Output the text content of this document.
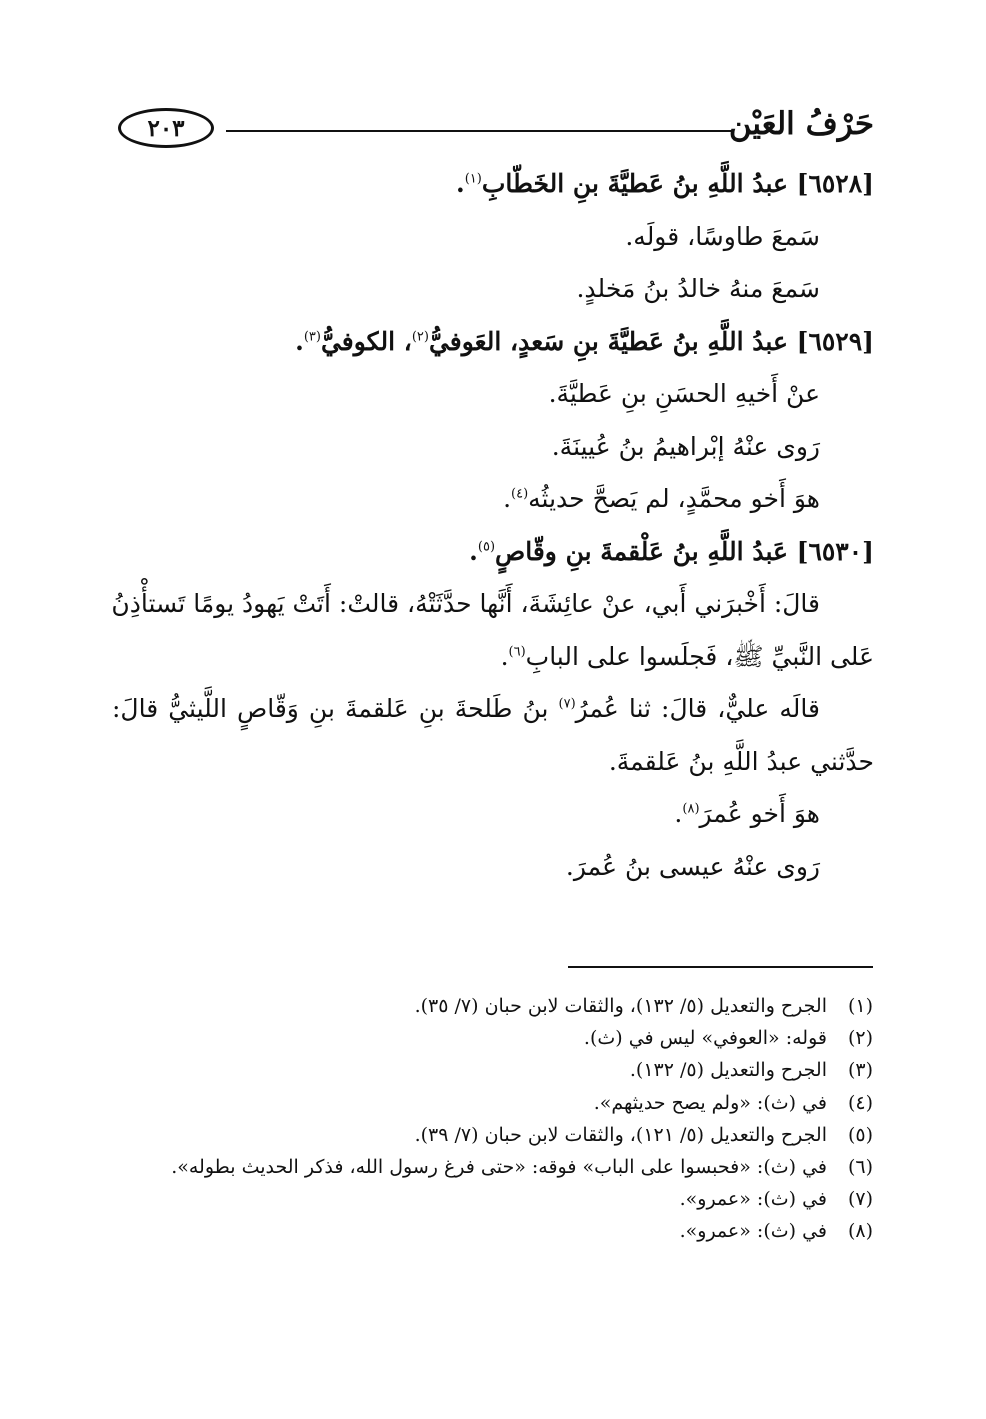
حَرْفُ العَيْن
٢٠٣

[٦٥٢٨] عبدُ اللَّهِ بنُ عَطيَّةَ بنِ الخَطّابِ$^{(١)}$.

سَمعَ طاوسًا، قولَه.

سَمعَ منهُ خالدُ بنُ مَخلدٍ.

[٦٥٢٩] عبدُ اللَّهِ بنُ عَطيَّةَ بنِ سَعدٍ، العَوفيُّ$^{(٢)}$، الكوفيُّ$^{(٣)}$.

عنْ أَخيهِ الحسَنِ بنِ عَطيَّةَ.

رَوى عنْهُ إبْراهيمُ بنُ عُيينَةَ.

هوَ أَخو محمَّدٍ، لم يَصحَّ حديثُه$^{(٤)}$.

[٦٥٣٠] عَبدُ اللَّهِ بنُ عَلْقمةَ بنِ وقّاصٍ$^{(٥)}$.

قالَ: أَخْبرَني أَبي، عنْ عائِشَةَ، أَنَّها حدَّثَتْهُ، قالتْ: أَتَتْ يَهودُ يومًا تَستأْذِنُ

عَلى النَّبيِّ ﷺ، فَجلَسوا على البابِ$^{(٦)}$.

قالَه عليٌّ، قالَ: ثنا عُمرُ$^{(٧)}$ بنُ طَلحةَ بنِ عَلقمةَ بنِ وَقّاصٍ اللَّيثيُّ قالَ:

حدَّثني عبدُ اللَّهِ بنُ عَلقمةَ.

هوَ أَخو عُمرَ$^{(٨)}$.

رَوى عنْهُ عيسى بنُ عُمرَ.

(١)الجرح والتعديل (٥/ ١٣٢)، والثقات لابن حبان (٧/ ٣٥).
(٢)قوله: «العوفي» ليس في (ث).
(٣)الجرح والتعديل (٥/ ١٣٢).
(٤)في (ث): «ولم يصح حديثهم».
(٥)الجرح والتعديل (٥/ ١٢١)، والثقات لابن حبان (٧/ ٣٩).
(٦)في (ث): «فحبسوا على الباب» فوقه: «حتى فرغ رسول الله، فذكر الحديث بطوله».
(٧)في (ث): «عمرو».
(٨)في (ث): «عمرو».
